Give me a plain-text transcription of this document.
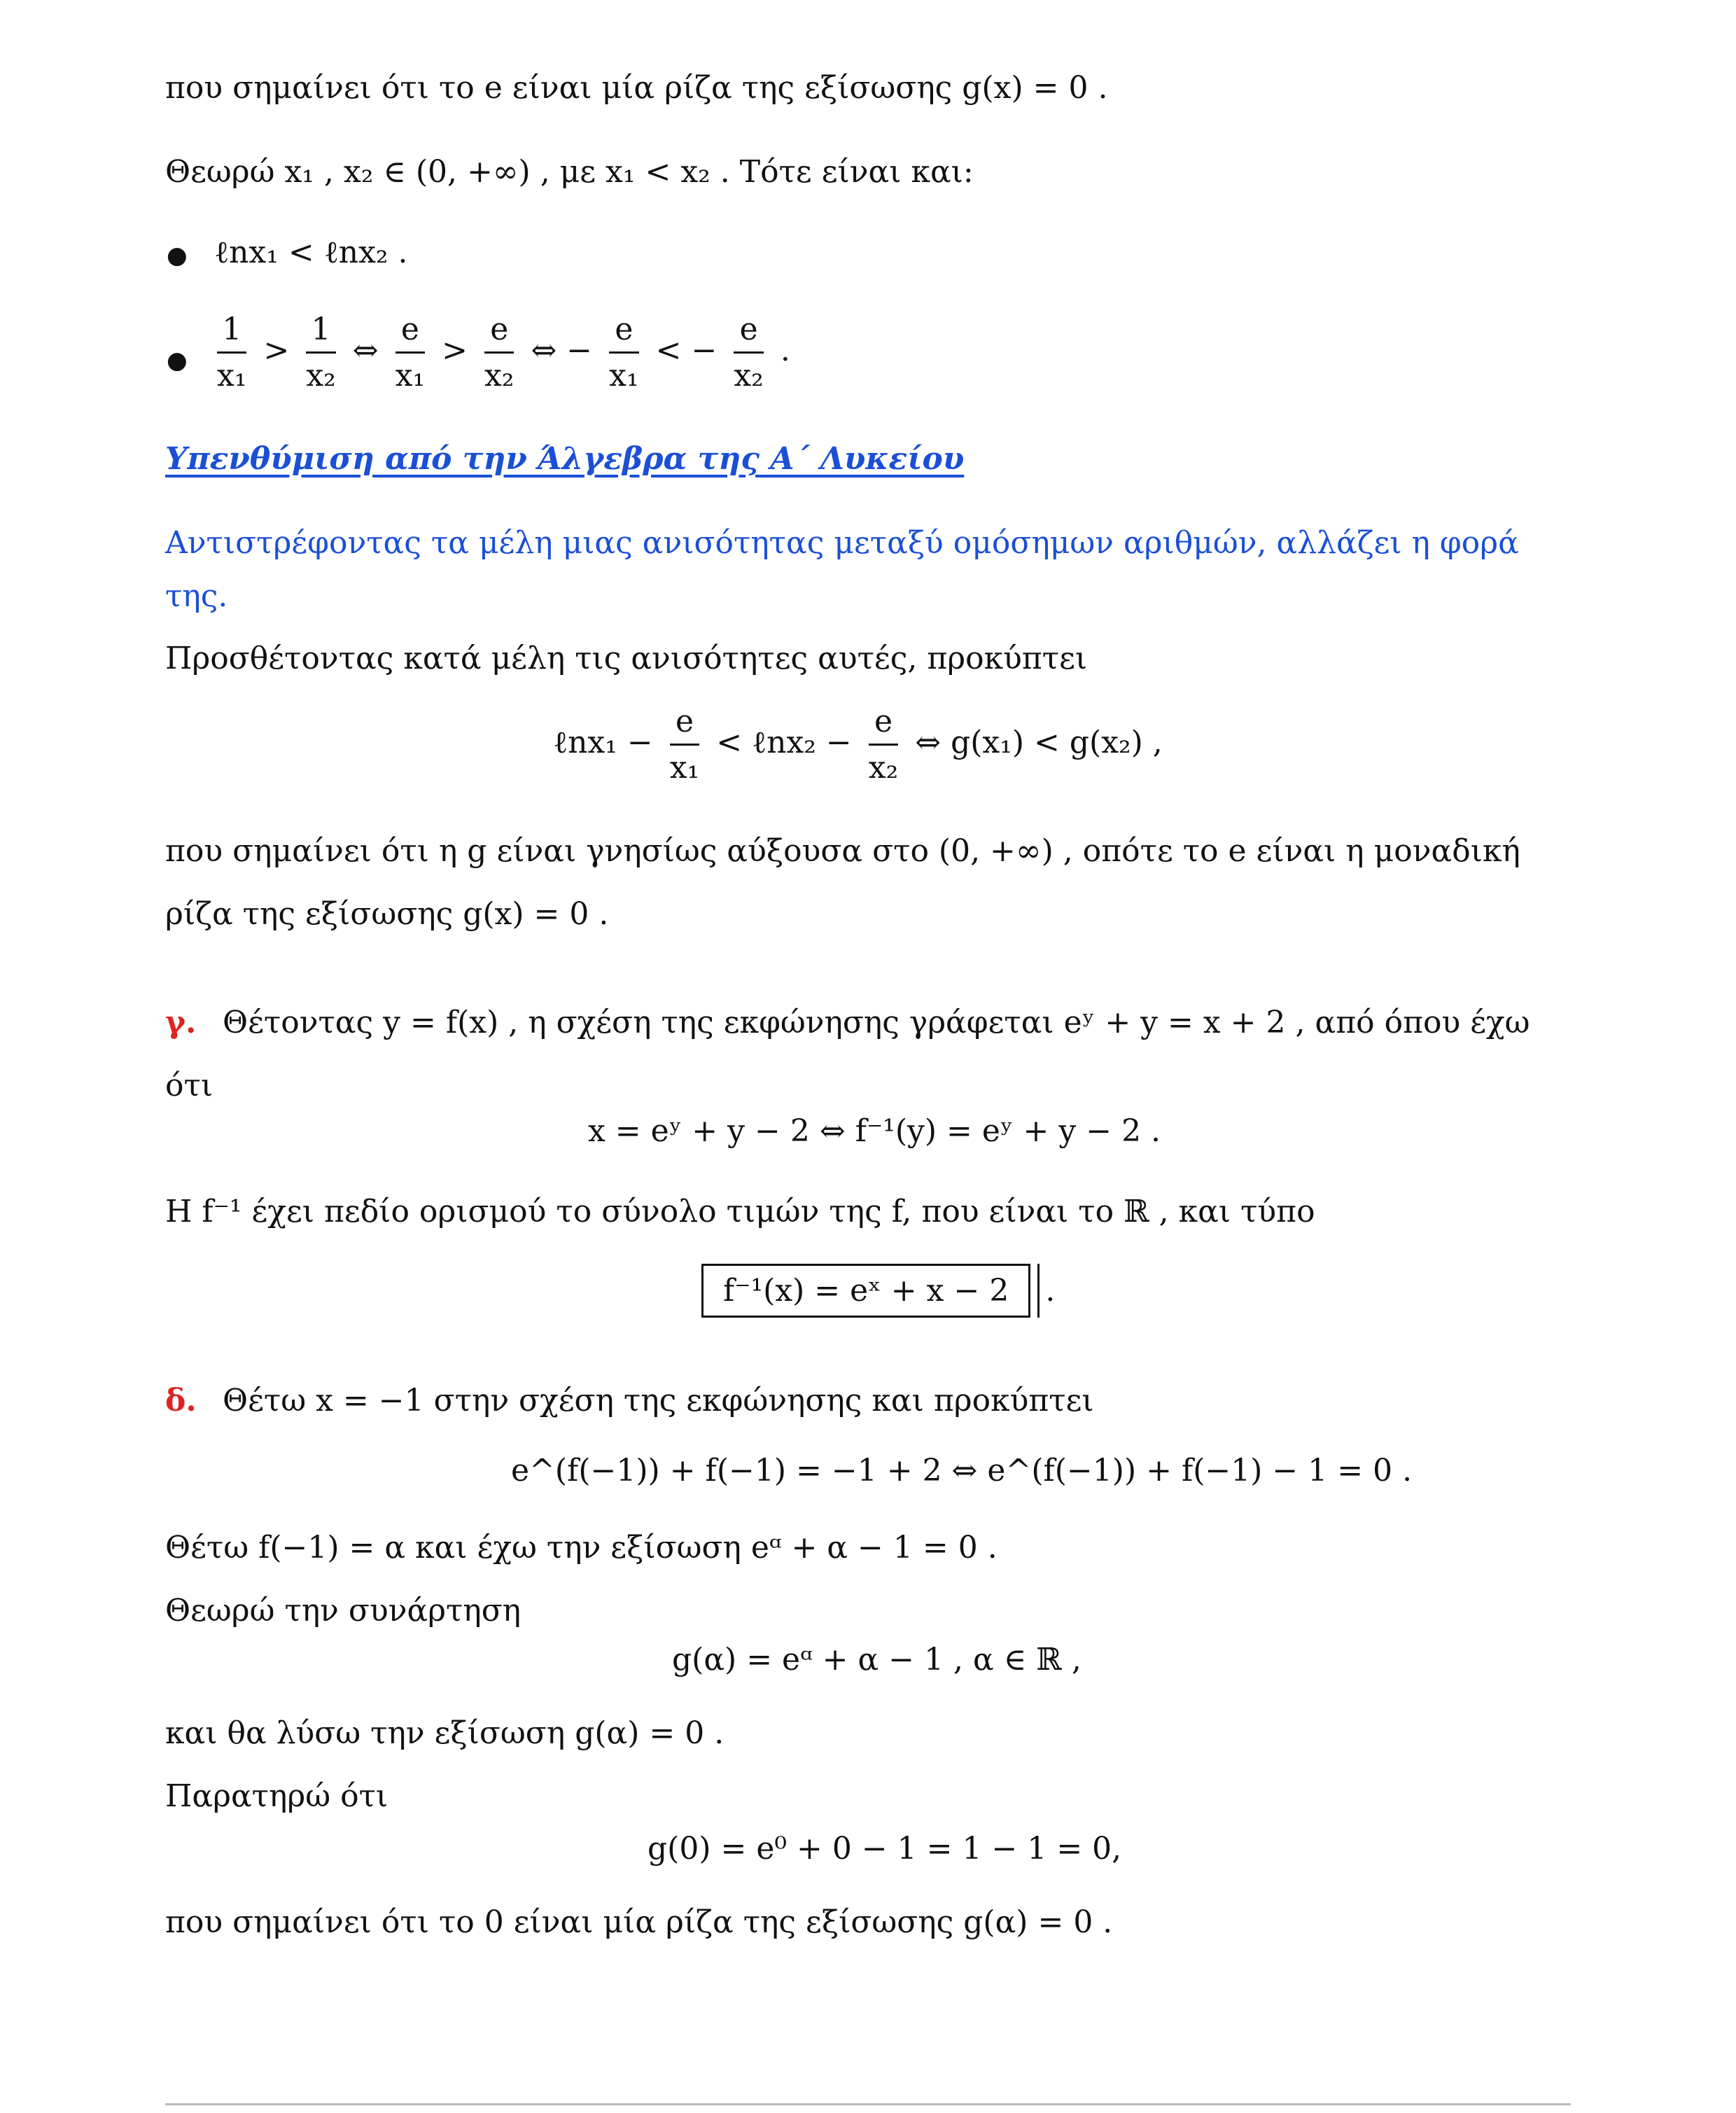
που σημαίνει ότι το e είναι μία ρίζα της εξίσωσης g(x) = 0 .
Θεωρώ x₁ , x₂ ∈ (0, +∞) , με x₁ < x₂ . Τότε είναι και:
● ℓnx₁ < ℓnx₂ .
● $\frac{1}{\text{x₁}} > \frac{1}{\text{x₂}}$ ⇔ $\frac{e}{\text{x₁}} > \frac{e}{\text{x₂}}$ ⇔ − $\frac{e}{\text{x₁}}$ < − $\frac{e}{\text{x₂}}$ .
Υπενθύμιση από την Άλγεβρα της Α΄ Λυκείου
Αντιστρέφοντας τα μέλη μιας ανισότητας μεταξύ ομόσημων αριθμών, αλλάζει η φορά
της.
Προσθέτοντας κατά μέλη τις ανισότητες αυτές, προκύπτει
ℓnx₁ − $\frac{e}{\text{x₁}}$ < ℓnx₂ − $\frac{e}{\text{x₂}}$ ⇔ g(x₁) < g(x₂) ,
που σημαίνει ότι η g είναι γνησίως αύξουσα στο (0, +∞) , οπότε το e είναι η μοναδική
ρίζα της εξίσωσης g(x) = 0 .
γ. Θέτοντας y = f(x) , η σχέση της εκφώνησης γράφεται eʸ + y = x + 2 , από όπου έχω
ότι
x = eʸ + y − 2 ⇔ f⁻¹(y) = eʸ + y − 2 .
Η f⁻¹ έχει πεδίο ορισμού το σύνολο τιμών της f, που είναι το ℝ , και τύπο
f⁻¹(x) = eˣ + x − 2 .
δ. Θέτω x = −1 στην σχέση της εκφώνησης και προκύπτει
e^(f(−1)) + f(−1) = −1 + 2 ⇔ e^(f(−1)) + f(−1) − 1 = 0 .
Θέτω f(−1) = α και έχω την εξίσωση eᵅ + α − 1 = 0 .
Θεωρώ την συνάρτηση
g(α) = eᵅ + α − 1 , α ∈ ℝ ,
και θα λύσω την εξίσωση g(α) = 0 .
Παρατηρώ ότι
g(0) = e⁰ + 0 − 1 = 1 − 1 = 0,
που σημαίνει ότι το 0 είναι μία ρίζα της εξίσωσης g(α) = 0 .
